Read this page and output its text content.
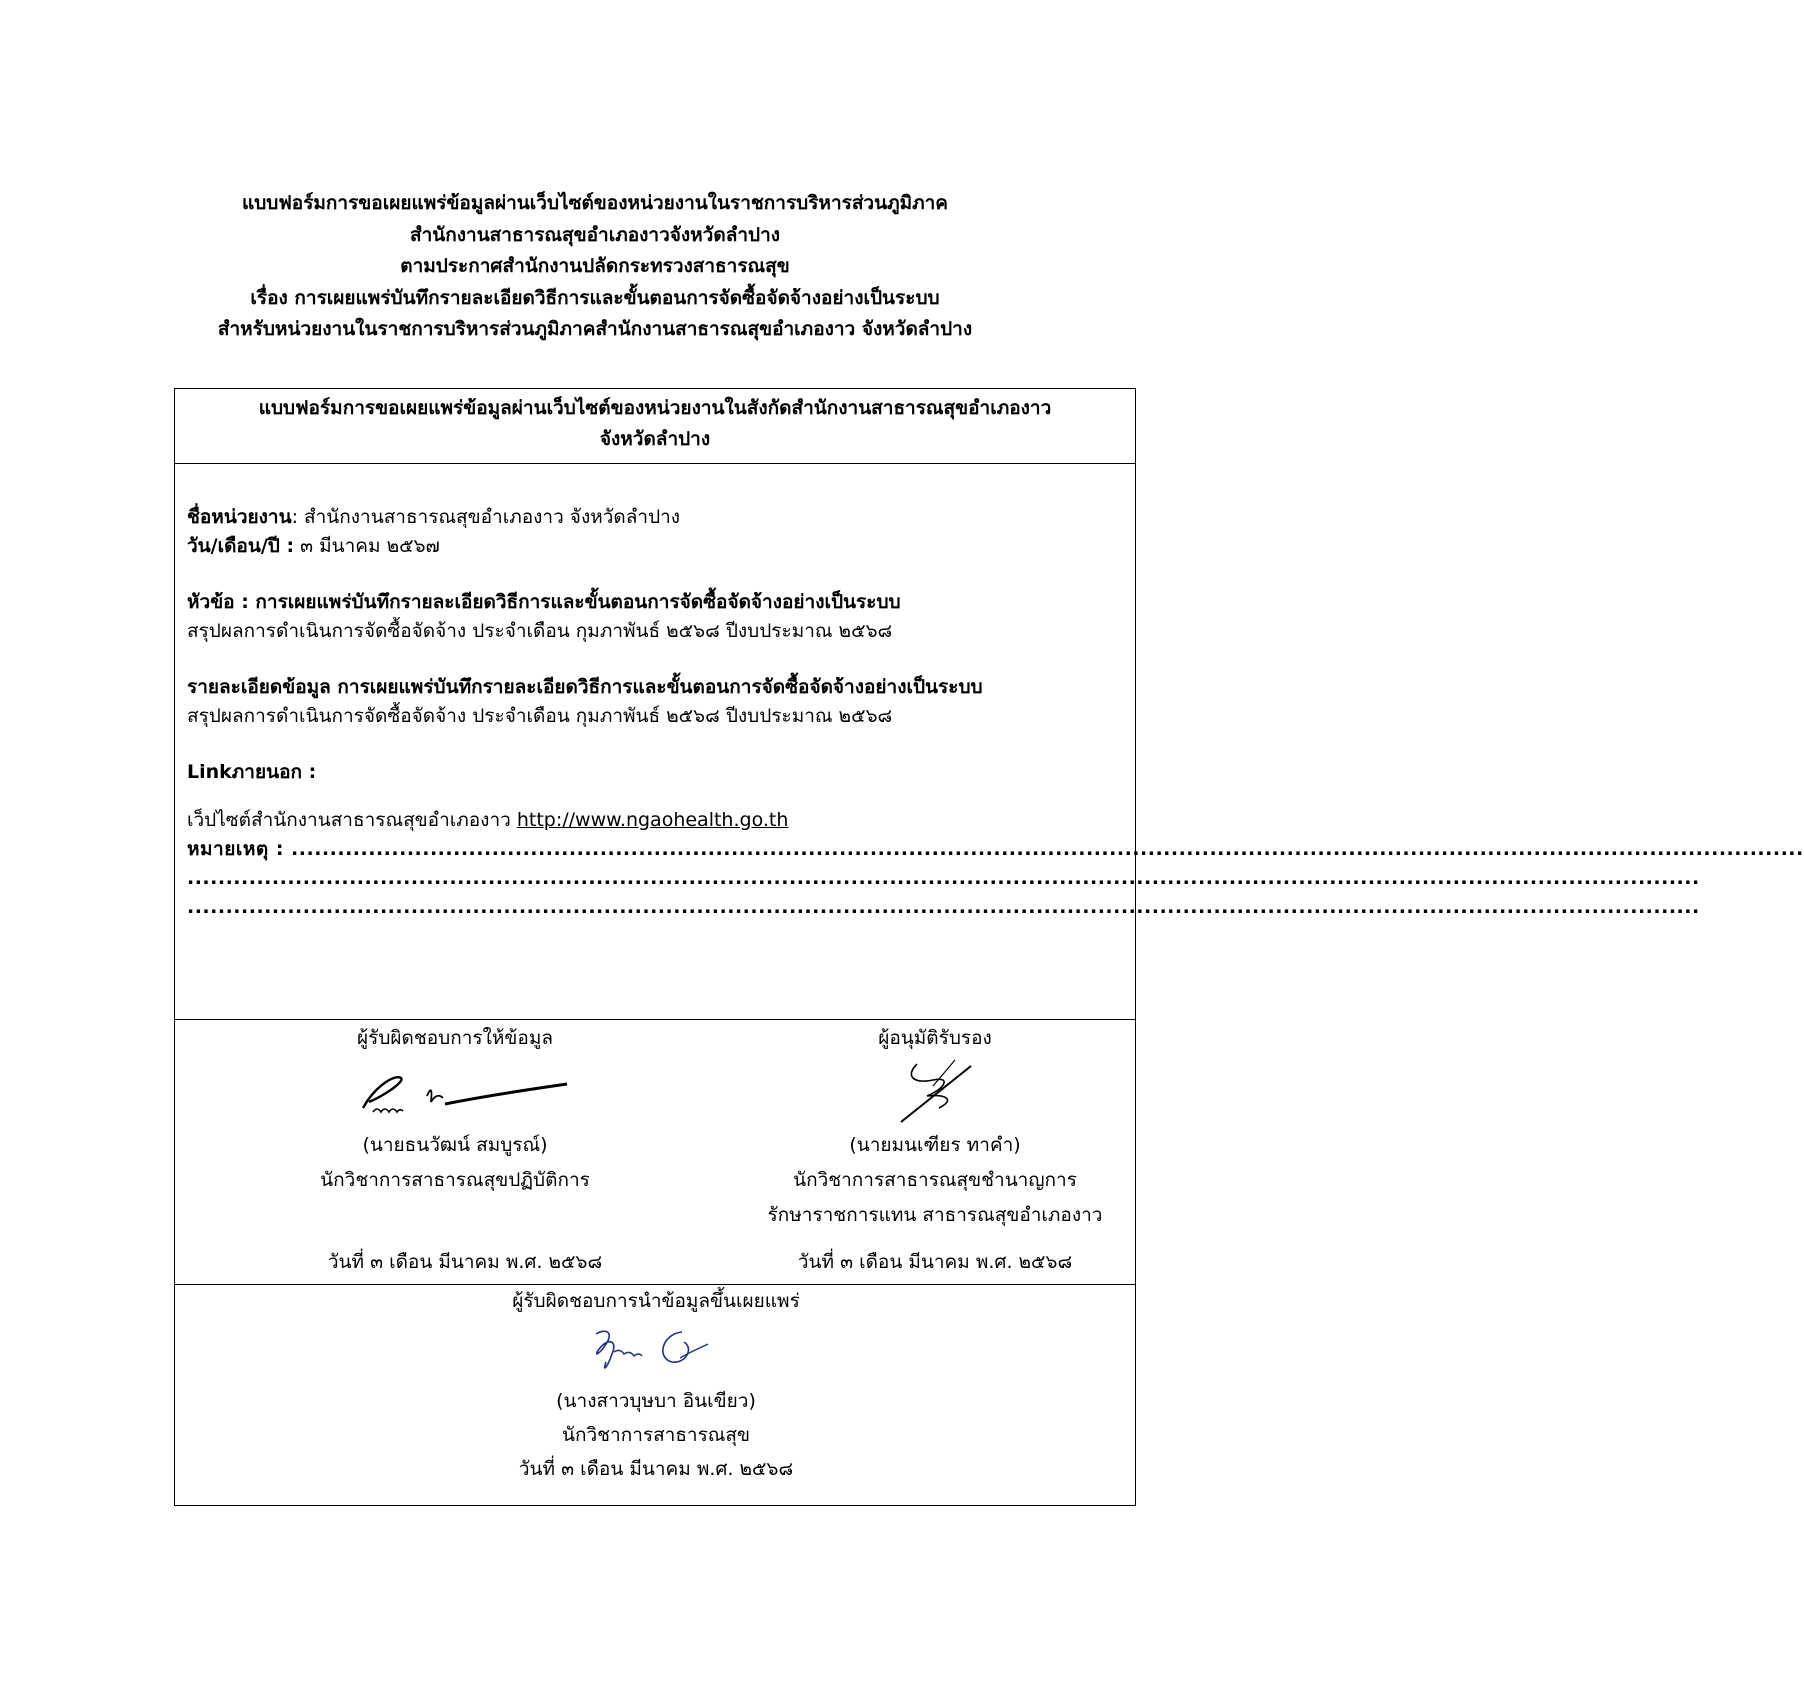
แบบฟอร์มการขอเผยแพร่ข้อมูลผ่านเว็บไซต์ของหน่วยงานในราชการบริหารส่วนภูมิภาค
สำนักงานสาธารณสุขอำเภองาวจังหวัดลำปาง
ตามประกาศสำนักงานปลัดกระทรวงสาธารณสุข
เรื่อง การเผยแพร่บันทึกรายละเอียดวิธีการและขั้นตอนการจัดซื้อจัดจ้างอย่างเป็นระบบ
สำหรับหน่วยงานในราชการบริหารส่วนภูมิภาคสำนักงานสาธารณสุขอำเภองาว จังหวัดลำปาง
แบบฟอร์มการขอเผยแพร่ข้อมูลผ่านเว็บไซต์ของหน่วยงานในสังกัดสำนักงานสาธารณสุขอำเภองาว
จังหวัดลำปาง
ชื่อหน่วยงาน: สำนักงานสาธารณสุขอำเภองาว จังหวัดลำปาง
วัน/เดือน/ปี : ๓ มีนาคม ๒๕๖๗
หัวข้อ : การเผยแพร่บันทึกรายละเอียดวิธีการและขั้นตอนการจัดซื้อจัดจ้างอย่างเป็นระบบ
สรุปผลการดำเนินการจัดซื้อจัดจ้าง ประจำเดือน กุมภาพันธ์ ๒๕๖๘ ปีงบประมาณ ๒๕๖๘
รายละเอียดข้อมูล การเผยแพร่บันทึกรายละเอียดวิธีการและขั้นตอนการจัดซื้อจัดจ้างอย่างเป็นระบบ
สรุปผลการดำเนินการจัดซื้อจัดจ้าง ประจำเดือน กุมภาพันธ์ ๒๕๖๘ ปีงบประมาณ ๒๕๖๘
Linkภายนอก :
เว็ปไซต์สำนักงานสาธารณสุขอำเภองาว http://www.ngaohealth.go.th
หมายเหตุ : ....................................................................................................................................................................................................
....................................................................................................................................................................................................
....................................................................................................................................................................................................
ผู้รับผิดชอบการให้ข้อมูล
(นายธนวัฒน์ สมบูรณ์)
นักวิชาการสาธารณสุขปฏิบัติการ
ผู้อนุมัติรับรอง
(นายมนเฑียร ทาคำ)
นักวิชาการสาธารณสุขชำนาญการ
รักษาราชการแทน สาธารณสุขอำเภองาว
วันที่ ๓ เดือน มีนาคม พ.ศ. ๒๕๖๘	วันที่ ๓ เดือน มีนาคม พ.ศ. ๒๕๖๘
ผู้รับผิดชอบการนำข้อมูลขึ้นเผยแพร่
(นางสาวบุษบา อินเขียว)
นักวิชาการสาธารณสุข
วันที่ ๓ เดือน มีนาคม พ.ศ. ๒๕๖๘
